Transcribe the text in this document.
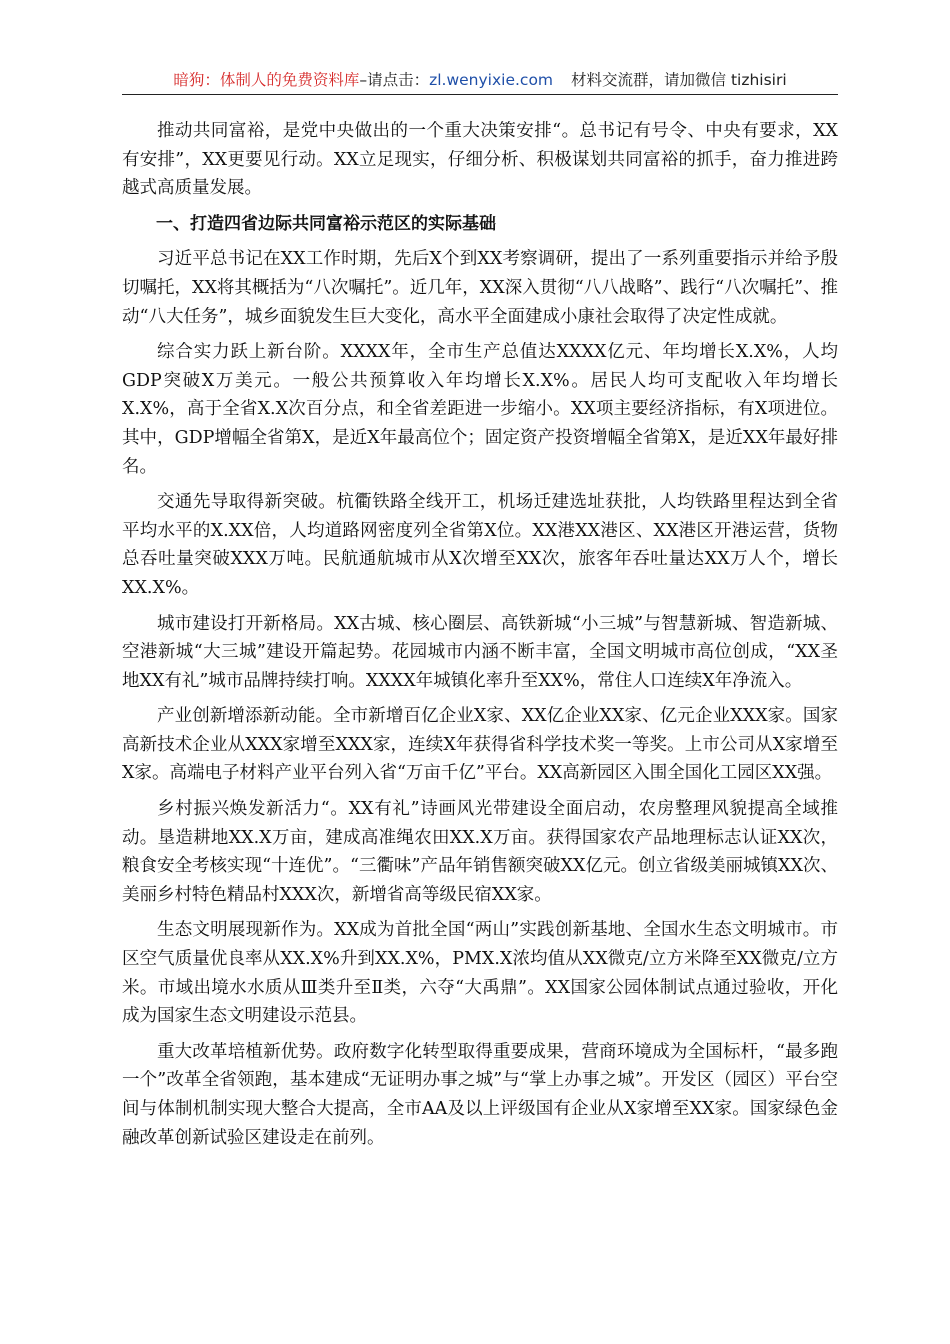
暗狗：体制人的免费资料库–请点击：zl.wenyixie.com 材料交流群，请加微信 tizhisiri

推动共同富裕，是党中央做出的一个重大决策安排“。总书记有号令、中央有要求，XX有安排”，XX更要见行动。XX立足现实，仔细分析、积极谋划共同富裕的抓手，奋力推进跨越式高质量发展。

一、打造四省边际共同富裕示范区的实际基础

习近平总书记在XX工作时期，先后X个到XX考察调研，提出了一系列重要指示并给予殷切嘱托，XX将其概括为“八次嘱托”。近几年，XX深入贯彻“八八战略”、践行“八次嘱托”、推动“八大任务”，城乡面貌发生巨大变化，高水平全面建成小康社会取得了决定性成就。

综合实力跃上新台阶。XXXX年，全市生产总值达XXXX亿元、年均增长X.X%，人均GDP突破X万美元。一般公共预算收入年均增长X.X%。居民人均可支配收入年均增长X.X%，高于全省X.X次百分点，和全省差距进一步缩小。XX项主要经济指标，有X项进位。其中，GDP增幅全省第X，是近X年最高位个；固定资产投资增幅全省第X，是近XX年最好排名。

交通先导取得新突破。杭衢铁路全线开工，机场迁建选址获批，人均铁路里程达到全省平均水平的X.XX倍，人均道路网密度列全省第X位。XX港XX港区、XX港区开港运营，货物总吞吐量突破XXX万吨。民航通航城市从X次增至XX次，旅客年吞吐量达XX万人个，增长XX.X%。

城市建设打开新格局。XX古城、核心圈层、高铁新城“小三城”与智慧新城、智造新城、空港新城“大三城”建设开篇起势。花园城市内涵不断丰富，全国文明城市高位创成，“XX圣地XX有礼”城市品牌持续打响。XXXX年城镇化率升至XX%，常住人口连续X年净流入。

产业创新增添新动能。全市新增百亿企业X家、XX亿企业XX家、亿元企业XXX家。国家高新技术企业从XXX家增至XXX家，连续X年获得省科学技术奖一等奖。上市公司从X家增至X家。高端电子材料产业平台列入省“万亩千亿”平台。XX高新园区入围全国化工园区XX强。

乡村振兴焕发新活力“。XX有礼”诗画风光带建设全面启动，农房整理风貌提高全域推动。垦造耕地XX.X万亩，建成高准绳农田XX.X万亩。获得国家农产品地理标志认证XX次，粮食安全考核实现“十连优”。“三衢味”产品年销售额突破XX亿元。创立省级美丽城镇XX次、美丽乡村特色精品村XXX次，新增省高等级民宿XX家。

生态文明展现新作为。XX成为首批全国“两山”实践创新基地、全国水生态文明城市。市区空气质量优良率从XX.X%升到XX.X%，PMX.X浓均值从XX微克/立方米降至XX微克/立方米。市域出境水水质从Ⅲ类升至Ⅱ类，六夺“大禹鼎”。XX国家公园体制试点通过验收，开化成为国家生态文明建设示范县。

重大改革培植新优势。政府数字化转型取得重要成果，营商环境成为全国标杆，“最多跑一个”改革全省领跑，基本建成“无证明办事之城”与“掌上办事之城”。开发区（园区）平台空间与体制机制实现大整合大提高，全市AA及以上评级国有企业从X家增至XX家。国家绿色金融改革创新试验区建设走在前列。
